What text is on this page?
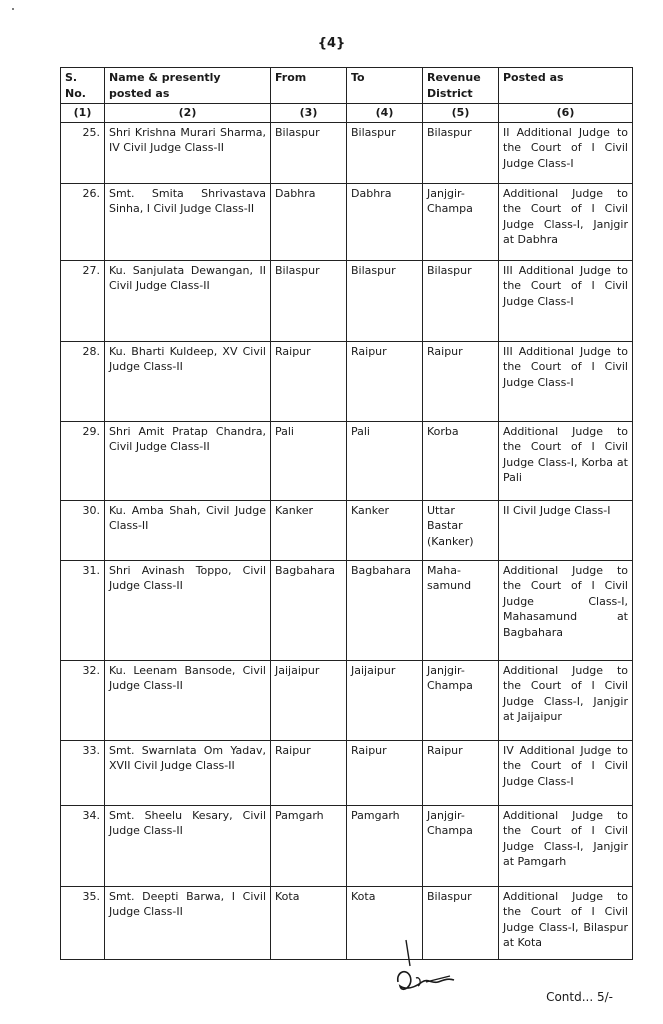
{4}
S. No.	Name & presently posted as	From	To	Revenue District	Posted as
(1)	(2)	(3)	(4)	(5)	(6)
25.	Shri Krishna Murari Sharma, IV Civil Judge Class-II	Bilaspur	Bilaspur	Bilaspur	II Additional Judge to the Court of I Civil Judge Class-I
26.	Smt. Smita Shrivastava Sinha, I Civil Judge Class-II	Dabhra	Dabhra	Janjgir-Champa	Additional Judge to the Court of I Civil Judge Class-I, Janjgir at Dabhra
27.	Ku. Sanjulata Dewangan, II Civil Judge Class-II	Bilaspur	Bilaspur	Bilaspur	III Additional Judge to the Court of I Civil Judge Class-I
28.	Ku. Bharti Kuldeep, XV Civil Judge Class-II	Raipur	Raipur	Raipur	III Additional Judge to the Court of I Civil Judge Class-I
29.	Shri Amit Pratap Chandra, Civil Judge Class-II	Pali	Pali	Korba	Additional Judge to the Court of I Civil Judge Class-I, Korba at Pali
30.	Ku. Amba Shah, Civil Judge Class-II	Kanker	Kanker	Uttar Bastar (Kanker)	II Civil Judge Class-I
31.	Shri Avinash Toppo, Civil Judge Class-II	Bagbahara	Bagbahara	Maha-samund	Additional Judge to the Court of I Civil Judge Class-I, Mahasamund at Bagbahara
32.	Ku. Leenam Bansode, Civil Judge Class-II	Jaijaipur	Jaijaipur	Janjgir-Champa	Additional Judge to the Court of I Civil Judge Class-I, Janjgir at Jaijaipur
33.	Smt. Swarnlata Om Yadav, XVII Civil Judge Class-II	Raipur	Raipur	Raipur	IV Additional Judge to the Court of I Civil Judge Class-I
34.	Smt. Sheelu Kesary, Civil Judge Class-II	Pamgarh	Pamgarh	Janjgir-Champa	Additional Judge to the Court of I Civil Judge Class-I, Janjgir at Pamgarh
35.	Smt. Deepti Barwa, I Civil Judge Class-II	Kota	Kota	Bilaspur	Additional Judge to the Court of I Civil Judge Class-I, Bilaspur at Kota
Contd... 5/-
